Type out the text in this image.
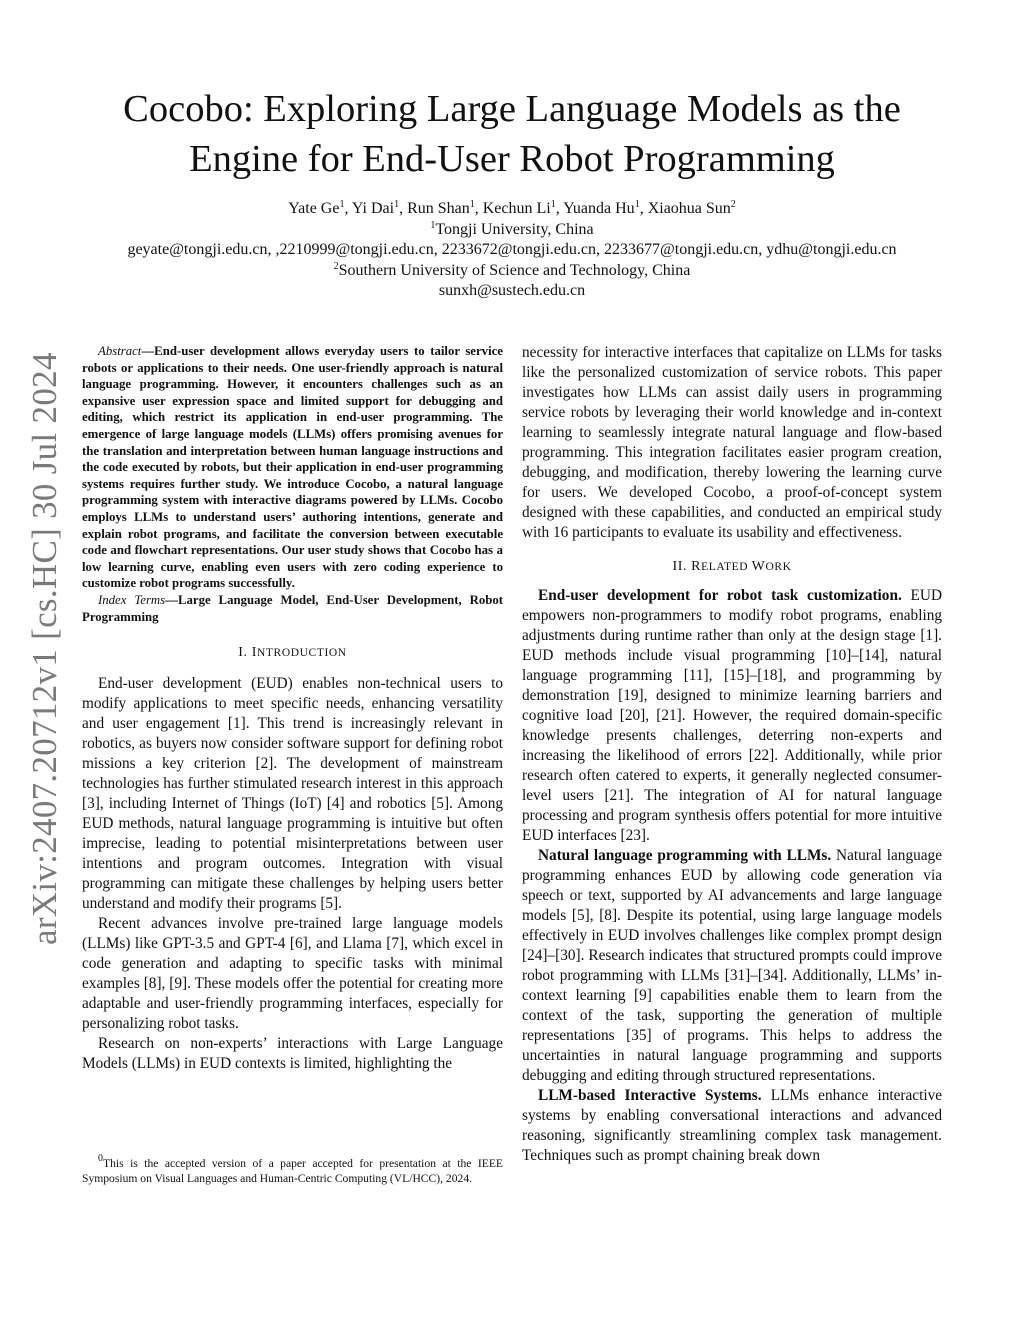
arXiv:2407.20712v1 [cs.HC] 30 Jul 2024
Cocobo: Exploring Large Language Models as the
Engine for End-User Robot Programming
Yate Ge$^1$, Yi Dai$^1$, Run Shan$^1$, Kechun Li$^1$, Yuanda Hu$^1$, Xiaohua Sun$^2$
$^1$Tongji University, China
geyate@tongji.edu.cn, ,2210999@tongji.edu.cn, 2233672@tongji.edu.cn, 2233677@tongji.edu.cn, ydhu@tongji.edu.cn
$^2$Southern University of Science and Technology, China
sunxh@sustech.edu.cn

Abstract—End-user development allows everyday users to tailor service robots or applications to their needs. One user-friendly approach is natural language programming. However, it encounters challenges such as an expansive user expression space and limited support for debugging and editing, which restrict its application in end-user programming. The emergence of large language models (LLMs) offers promising avenues for the translation and interpretation between human language instructions and the code executed by robots, but their application in end-user programming systems requires further study. We introduce Cocobo, a natural language programming system with interactive diagrams powered by LLMs. Cocobo employs LLMs to understand users’ authoring intentions, generate and explain robot programs, and facilitate the conversion between executable code and flowchart representations. Our user study shows that Cocobo has a low learning curve, enabling even users with zero coding experience to customize robot programs successfully.

Index Terms—Large Language Model, End-User Development, Robot Programming

I. INTRODUCTION

End-user development (EUD) enables non-technical users to modify applications to meet specific needs, enhancing versatility and user engagement [1]. This trend is increasingly relevant in robotics, as buyers now consider software support for defining robot missions a key criterion [2]. The development of mainstream technologies has further stimulated research interest in this approach [3], including Internet of Things (IoT) [4] and robotics [5]. Among EUD methods, natural language programming is intuitive but often imprecise, leading to potential misinterpretations between user intentions and program outcomes. Integration with visual programming can mitigate these challenges by helping users better understand and modify their programs [5].

Recent advances involve pre-trained large language models (LLMs) like GPT-3.5 and GPT-4 [6], and Llama [7], which excel in code generation and adapting to specific tasks with minimal examples [8], [9]. These models offer the potential for creating more adaptable and user-friendly programming interfaces, especially for personalizing robot tasks.

Research on non-experts’ interactions with Large Language Models (LLMs) in EUD contexts is limited, highlighting the

$^0$This is the accepted version of a paper accepted for presentation at the IEEE Symposium on Visual Languages and Human-Centric Computing (VL/HCC), 2024.

necessity for interactive interfaces that capitalize on LLMs for tasks like the personalized customization of service robots. This paper investigates how LLMs can assist daily users in programming service robots by leveraging their world knowledge and in-context learning to seamlessly integrate natural language and flow-based programming. This integration facilitates easier program creation, debugging, and modification, thereby lowering the learning curve for users. We developed Cocobo, a proof-of-concept system designed with these capabilities, and conducted an empirical study with 16 participants to evaluate its usability and effectiveness.

II. RELATED WORK

End-user development for robot task customization. EUD empowers non-programmers to modify robot programs, enabling adjustments during runtime rather than only at the design stage [1]. EUD methods include visual programming [10]–[14], natural language programming [11], [15]–[18], and programming by demonstration [19], designed to minimize learning barriers and cognitive load [20], [21]. However, the required domain-specific knowledge presents challenges, deterring non-experts and increasing the likelihood of errors [22]. Additionally, while prior research often catered to experts, it generally neglected consumer-level users [21]. The integration of AI for natural language processing and program synthesis offers potential for more intuitive EUD interfaces [23].

Natural language programming with LLMs. Natural language programming enhances EUD by allowing code generation via speech or text, supported by AI advancements and large language models [5], [8]. Despite its potential, using large language models effectively in EUD involves challenges like complex prompt design [24]–[30]. Research indicates that structured prompts could improve robot programming with LLMs [31]–[34]. Additionally, LLMs’ in-context learning [9] capabilities enable them to learn from the context of the task, supporting the generation of multiple representations [35] of programs. This helps to address the uncertainties in natural language programming and supports debugging and editing through structured representations.

LLM-based Interactive Systems. LLMs enhance interactive systems by enabling conversational interactions and advanced reasoning, significantly streamlining complex task management. Techniques such as prompt chaining break down
